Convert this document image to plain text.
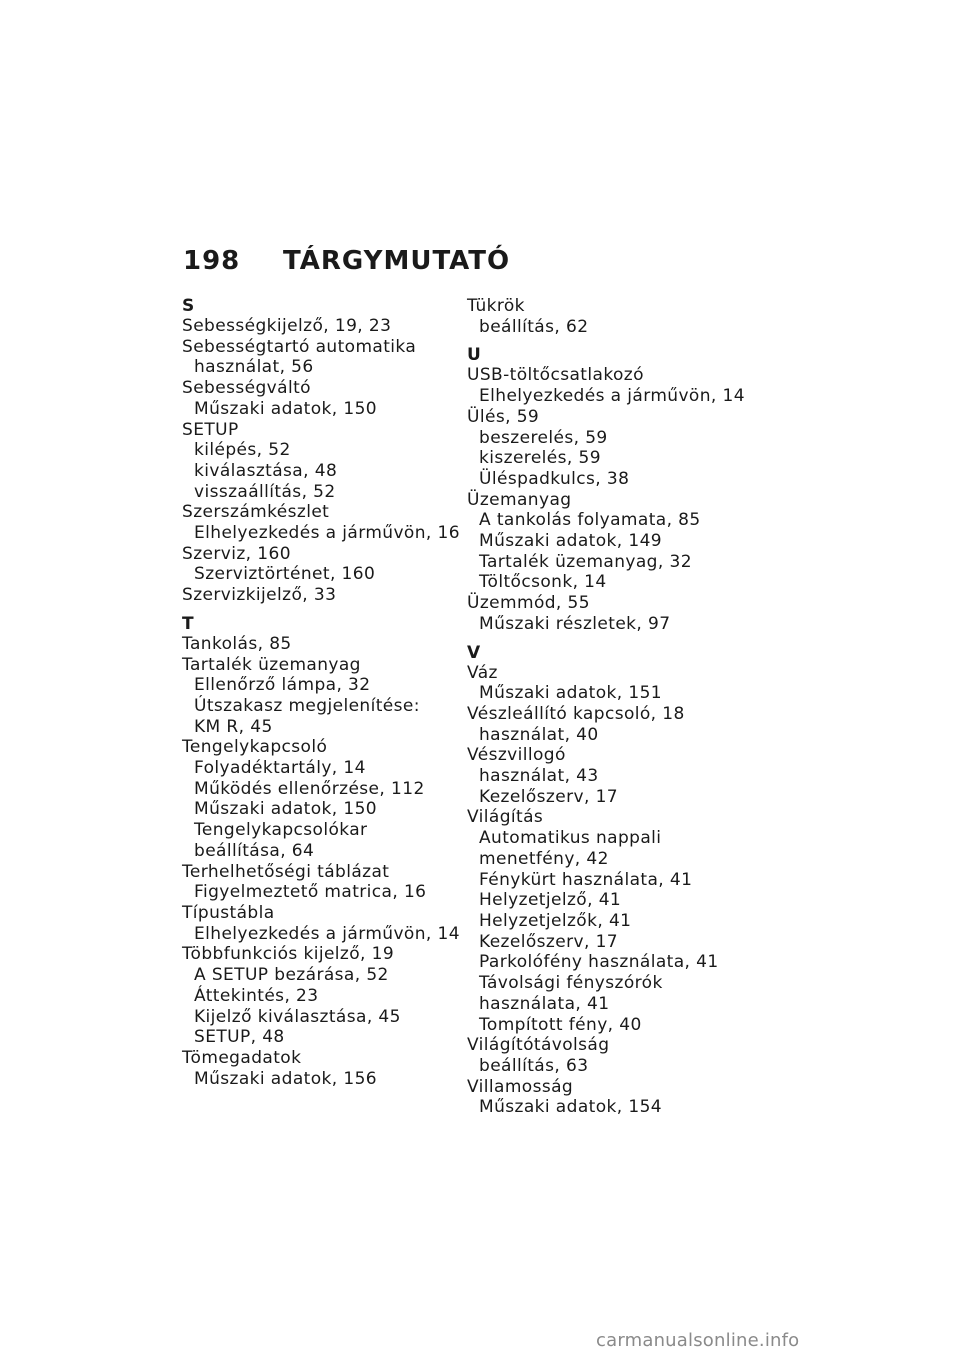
198 TÁRGYMUTATÓ
S
Sebességkijelző, 19, 23
Sebességtartó automatika
használat, 56
Sebességváltó
Műszaki adatok, 150
SETUP
kilépés, 52
kiválasztása, 48
visszaállítás, 52
Szerszámkészlet
Elhelyezkedés a járművön, 16
Szerviz, 160
Szerviztörténet, 160
Szervizkijelző, 33
T
Tankolás, 85
Tartalék üzemanyag
Ellenőrző lámpa, 32
Útszakasz megjelenítése:
KM R, 45
Tengelykapcsoló
Folyadéktartály, 14
Működés ellenőrzése, 112
Műszaki adatok, 150
Tengelykapcsolókar
beállítása, 64
Terhelhetőségi táblázat
Figyelmeztető matrica, 16
Típustábla
Elhelyezkedés a járművön, 14
Többfunkciós kijelző, 19
A SETUP bezárása, 52
Áttekintés, 23
Kijelző kiválasztása, 45
SETUP, 48
Tömegadatok
Műszaki adatok, 156
Tükrök
beállítás, 62
U
USB-töltőcsatlakozó
Elhelyezkedés a járművön, 14
Ülés, 59
beszerelés, 59
kiszerelés, 59
Üléspadkulcs, 38
Üzemanyag
A tankolás folyamata, 85
Műszaki adatok, 149
Tartalék üzemanyag, 32
Töltőcsonk, 14
Üzemmód, 55
Műszaki részletek, 97
V
Váz
Műszaki adatok, 151
Vészleállító kapcsoló, 18
használat, 40
Vészvillogó
használat, 43
Kezelőszerv, 17
Világítás
Automatikus nappali
menetfény, 42
Fénykürt használata, 41
Helyzetjelző, 41
Helyzetjelzők, 41
Kezelőszerv, 17
Parkolófény használata, 41
Távolsági fényszórók
használata, 41
Tompított fény, 40
Világítótávolság
beállítás, 63
Villamosság
Műszaki adatok, 154
carmanualsonline.info
